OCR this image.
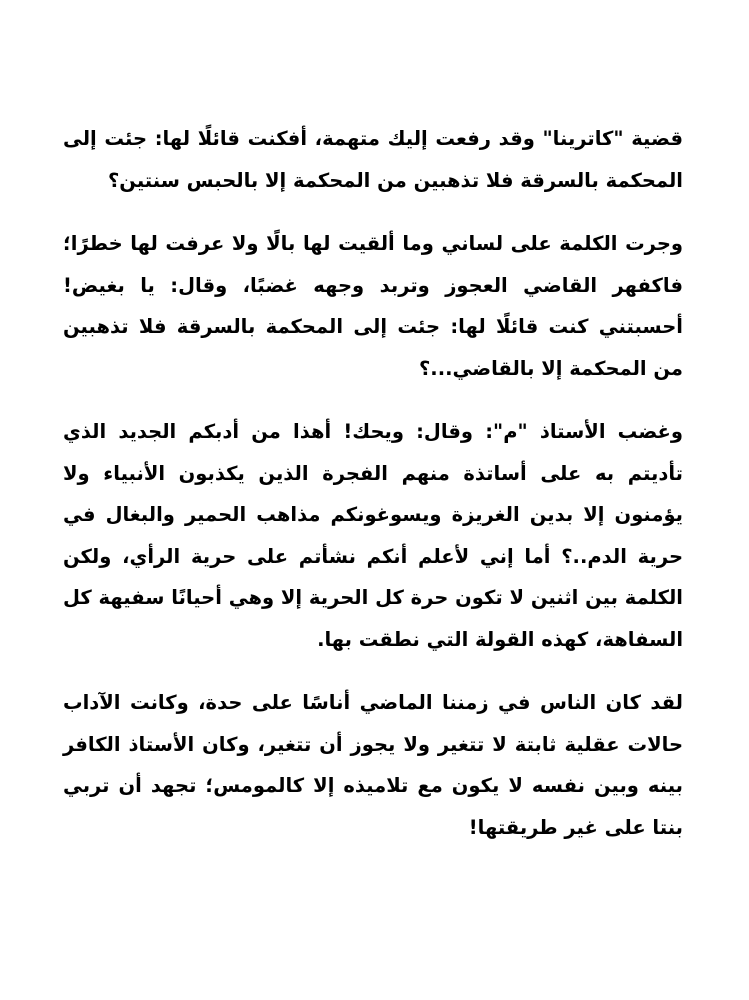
قضية "كاترينا" وقد رفعت إليك متهمة، أفكنت قائلًا لها: جئت إلى المحكمة بالسرقة فلا تذهبين من المحكمة إلا بالحبس سنتين؟

وجرت الكلمة على لساني وما ألقيت لها بالًا ولا عرفت لها خطرًا؛ فاكفهر القاضي العجوز وتربد وجهه غضبًا، وقال: يا بغيض! أحسبتني كنت قائلًا لها: جئت إلى المحكمة بالسرقة فلا تذهبين من المحكمة إلا بالقاضي...؟

وغضب الأستاذ "م": وقال: ويحك! أهذا من أدبكم الجديد الذي تأديتم به على أساتذة منهم الفجرة الذين يكذبون الأنبياء ولا يؤمنون إلا بدين الغريزة ويسوغونكم مذاهب الحمير والبغال في حرية الدم..؟ أما إني لأعلم أنكم نشأتم على حرية الرأي، ولكن الكلمة بين اثنين لا تكون حرة كل الحرية إلا وهي أحيانًا سفيهة كل السفاهة، كهذه القولة التي نطقت بها.

لقد كان الناس في زمننا الماضي أناسًا على حدة، وكانت الآداب حالات عقلية ثابتة لا تتغير ولا يجوز أن تتغير، وكان الأستاذ الكافر بينه وبين نفسه لا يكون مع تلاميذه إلا كالمومس؛ تجهد أن تربي بنتا على غير طريقتها!
